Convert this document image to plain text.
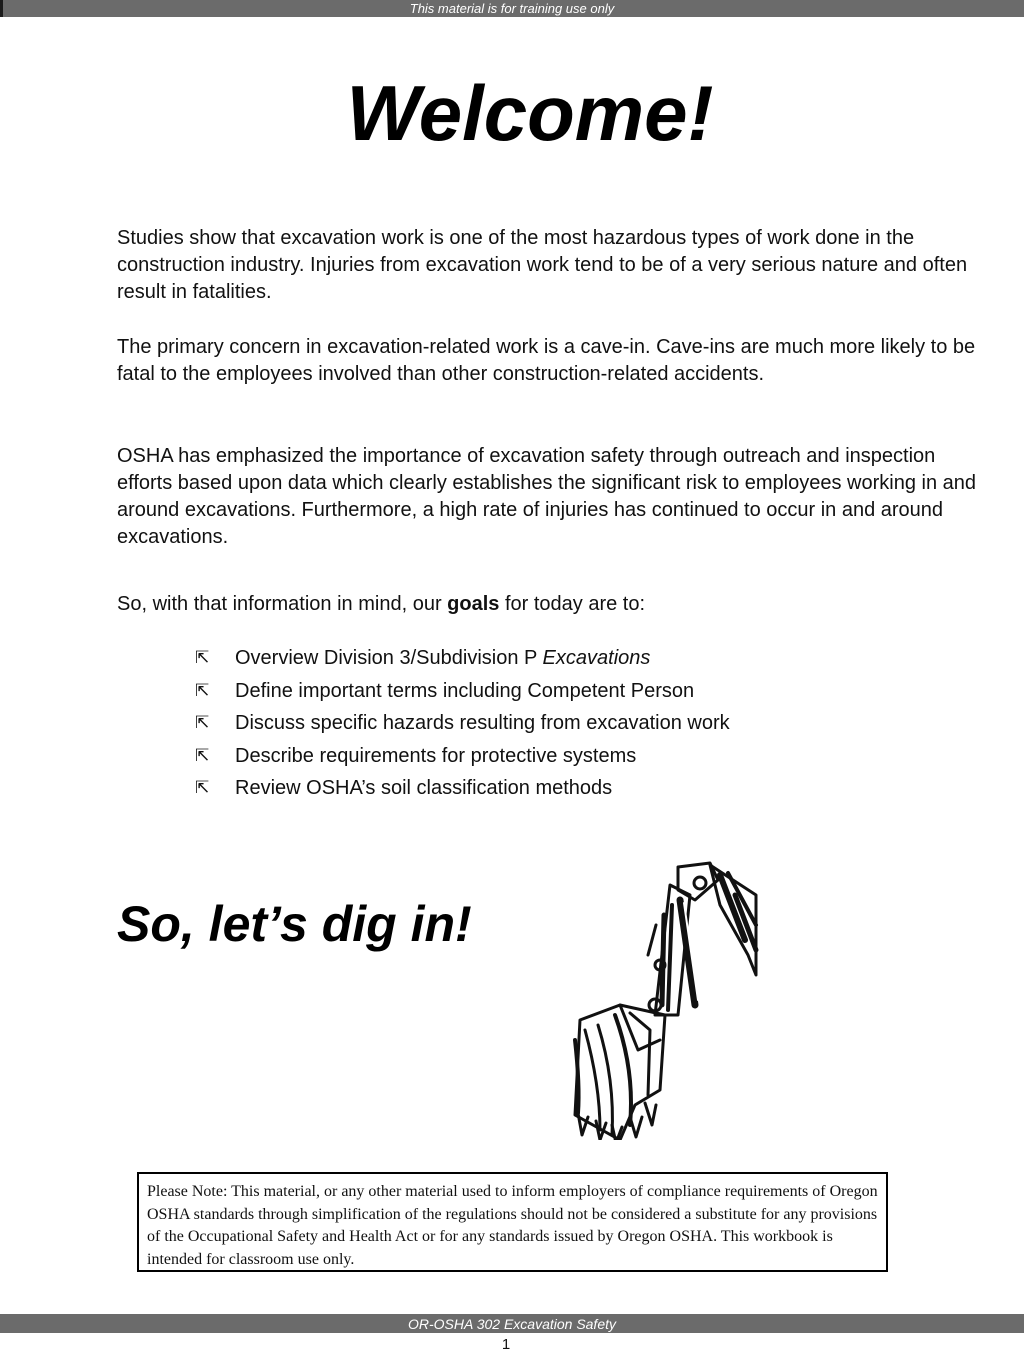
This material is for training use only
Welcome!

Studies show that excavation work is one of the most hazardous types of work done in the construction industry. Injuries from excavation work tend to be of a very serious nature and often result in fatalities.

The primary concern in excavation-related work is a cave-in. Cave-ins are much more likely to be fatal to the employees involved than other construction-related accidents.

OSHA has emphasized the importance of excavation safety through outreach and inspection efforts based upon data which clearly establishes the significant risk to employees working in and around excavations. Furthermore, a high rate of injuries has continued to occur in and around excavations.

So, with that information in mind, our goals for today are to:

⇱	Overview Division 3/Subdivision P Excavations
⇱	Define important terms including Competent Person
⇱	Discuss specific hazards resulting from excavation work
⇱	Describe requirements for protective systems
⇱	Review OSHA’s soil classification methods
So, let’s dig in!
Please Note: This material, or any other material used to inform employers of compliance requirements of Oregon OSHA standards through simplification of the regulations should not be considered a substitute for any provisions of the Occupational Safety and Health Act or for any standards issued by Oregon OSHA. This workbook is intended for classroom use only.
OR-OSHA 302 Excavation Safety
1
